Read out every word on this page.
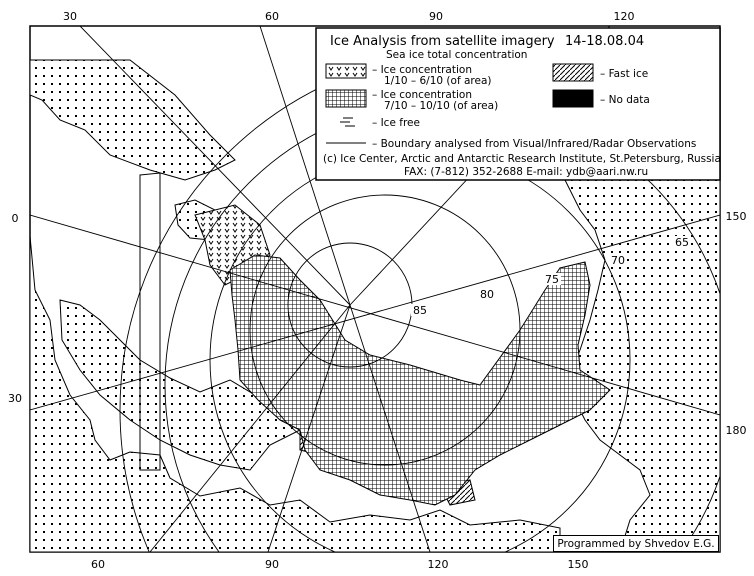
30	60	90	120
60	90	120	150
0
30
150
180
85
80
75
70
65
Ice Analysis from satellite imagery 14-18.08.04
Sea ice total concentration
– Ice concentration
1/10 – 6/10 (of area)
– Ice concentration
7/10 – 10/10 (of area)
– Ice free
– Fast ice
– No data
– Boundary analysed from Visual/Infrared/Radar Observations
(c) Ice Center, Arctic and Antarctic Research Institute, St.Petersburg, Russia
FAX: (7-812) 352-2688 E-mail: ydb@aari.nw.ru
Programmed by Shvedov E.G.
